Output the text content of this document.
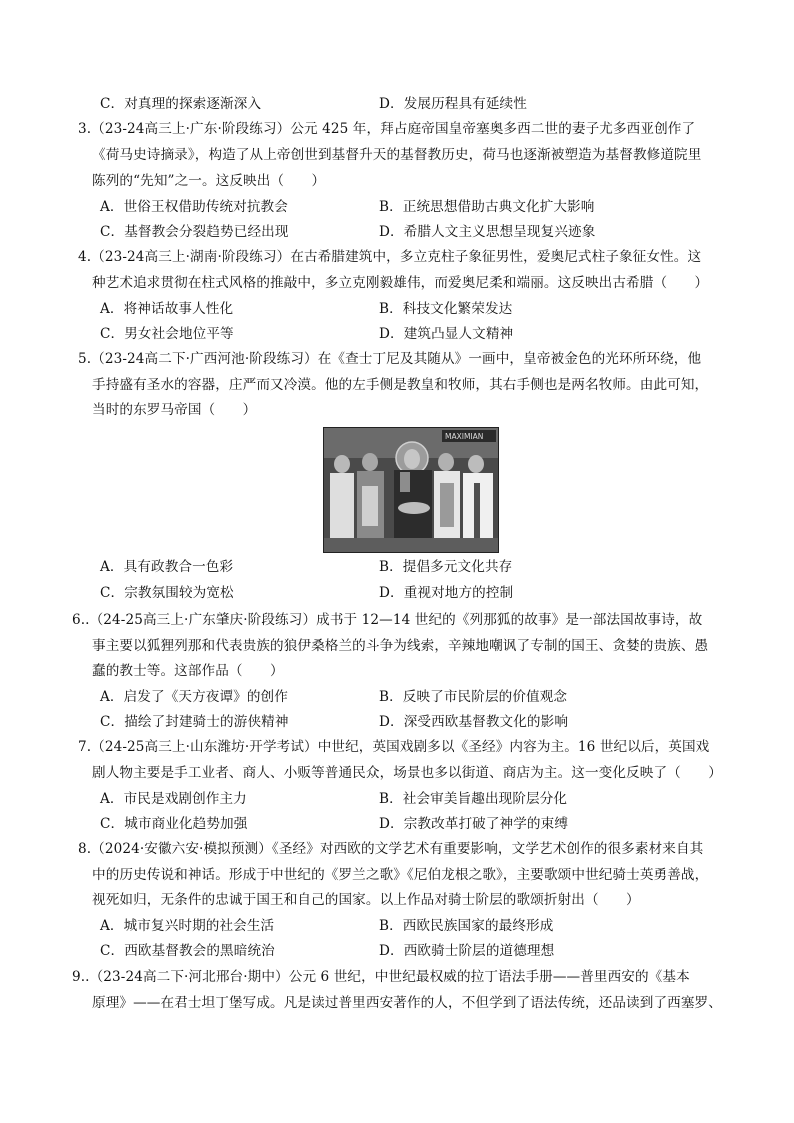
C．对真理的探索逐渐深入	D．发展历程具有延续性
3.（23-24高三上·广东·阶段练习）公元 425 年，拜占庭帝国皇帝塞奥多西二世的妻子尤多西亚创作了
《荷马史诗摘录》，构造了从上帝创世到基督升天的基督教历史，荷马也逐渐被塑造为基督教修道院里
陈列的“先知”之一。这反映出（　　）
A．世俗王权借助传统对抗教会	B．正统思想借助古典文化扩大影响
C．基督教会分裂趋势已经出现	D．希腊人文主义思想呈现复兴迹象
4.（23-24高三上·湖南·阶段练习）在古希腊建筑中，多立克柱子象征男性，爱奥尼式柱子象征女性。这
种艺术追求贯彻在柱式风格的推敲中，多立克刚毅雄伟，而爱奥尼柔和端丽。这反映出古希腊（　　）
A．将神话故事人性化	B．科技文化繁荣发达
C．男女社会地位平等	D．建筑凸显人文精神
5.（23-24高二下·广西河池·阶段练习）在《查士丁尼及其随从》一画中，皇帝被金色的光环所环绕，他
手持盛有圣水的容器，庄严而又冷漠。他的左手侧是教皇和牧师，其右手侧也是两名牧师。由此可知，
当时的东罗马帝国（　　）
MAXIMIAN
A．具有政教合一色彩	B．提倡多元文化共存
C．宗教氛围较为宽松	D．重视对地方的控制
6..（24-25高三上·广东肇庆·阶段练习）成书于 12—14 世纪的《列那狐的故事》是一部法国故事诗，故
事主要以狐狸列那和代表贵族的狼伊桑格兰的斗争为线索，辛辣地嘲讽了专制的国王、贪婪的贵族、愚
蠢的教士等。这部作品（　　）
A．启发了《天方夜谭》的创作	B．反映了市民阶层的价值观念
C．描绘了封建骑士的游侠精神	D．深受西欧基督教文化的影响
7.（24-25高三上·山东潍坊·开学考试）中世纪，英国戏剧多以《圣经》内容为主。16 世纪以后，英国戏
剧人物主要是手工业者、商人、小贩等普通民众，场景也多以街道、商店为主。这一变化反映了（　　）
A．市民是戏剧创作主力	B．社会审美旨趣出现阶层分化
C．城市商业化趋势加强	D．宗教改革打破了神学的束缚
8.（2024·安徽六安·模拟预测）《圣经》对西欧的文学艺术有重要影响，文学艺术创作的很多素材来自其
中的历史传说和神话。形成于中世纪的《罗兰之歌》《尼伯龙根之歌》，主要歌颂中世纪骑士英勇善战，
视死如归，无条件的忠诚于国王和自己的国家。以上作品对骑士阶层的歌颂折射出（　　）
A．城市复兴时期的社会生活	B．西欧民族国家的最终形成
C．西欧基督教会的黑暗统治	D．西欧骑士阶层的道德理想
9..（23-24高二下·河北邢台·期中）公元 6 世纪，中世纪最权威的拉丁语法手册——普里西安的《基本
原理》——在君士坦丁堡写成。凡是读过普里西安著作的人，不但学到了语法传统，还品读到了西塞罗、
